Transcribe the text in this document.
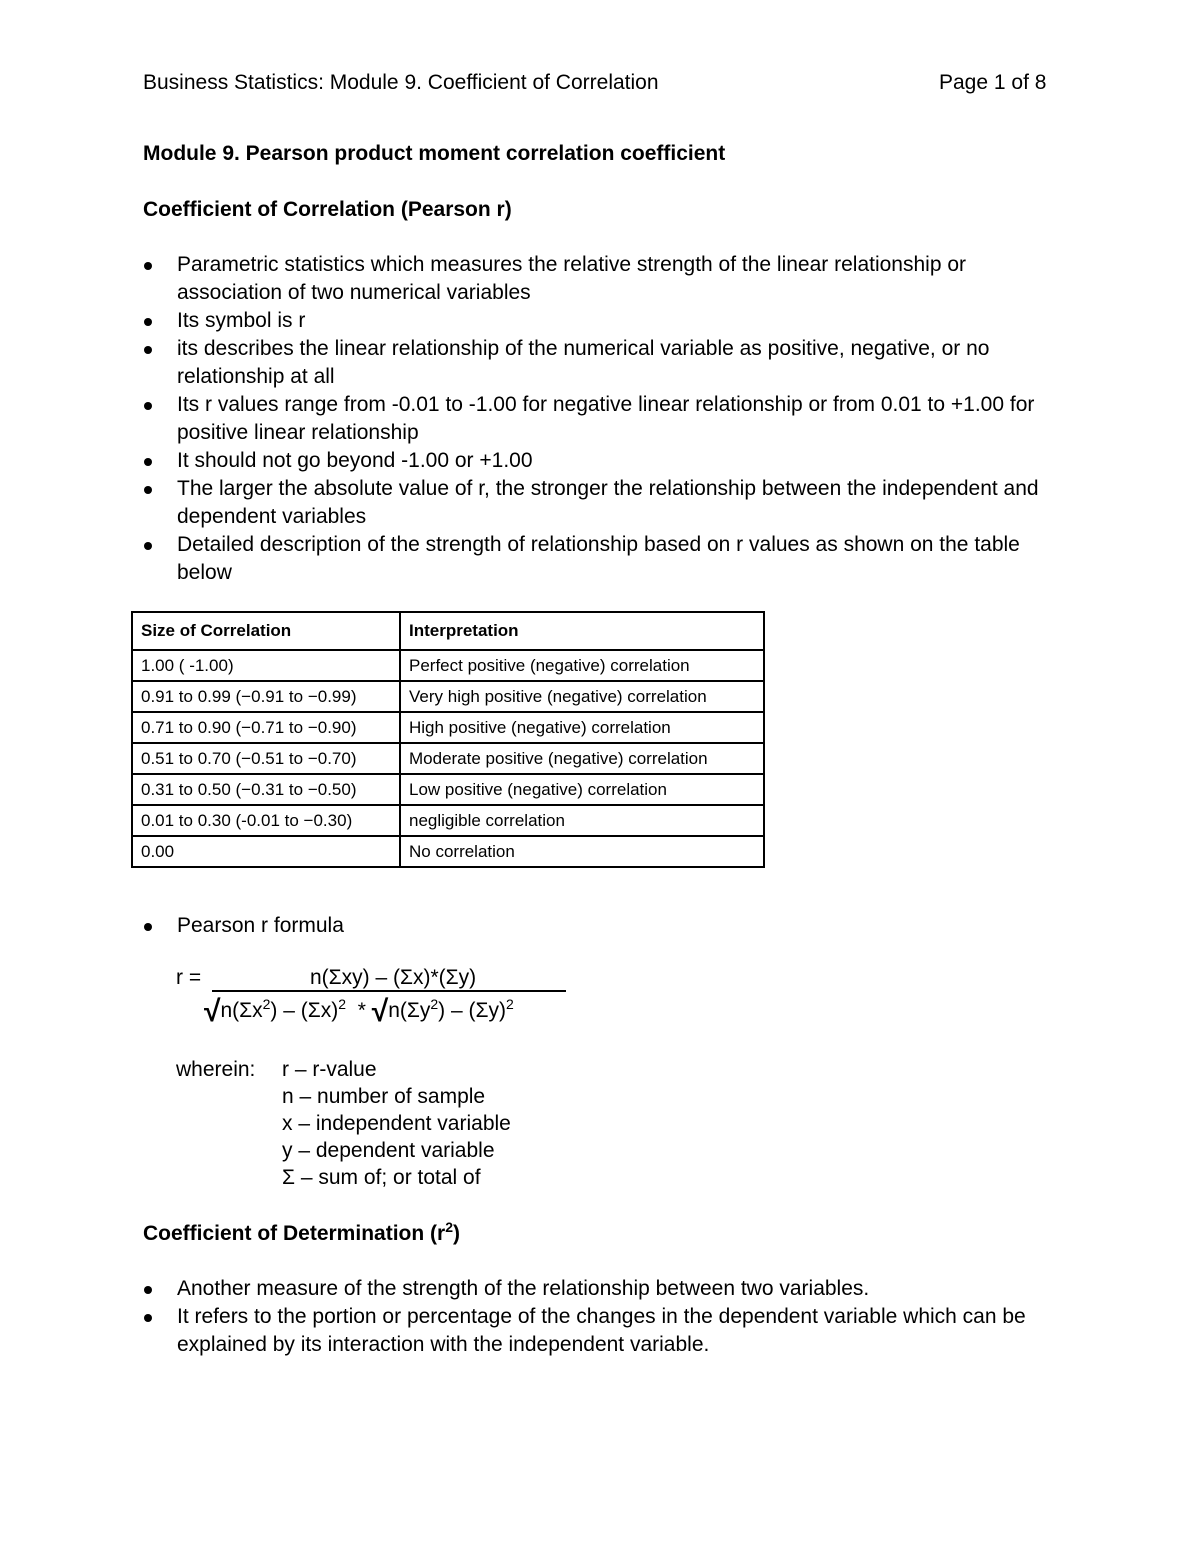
Business Statistics: Module 9. Coefficient of Correlation	Page 1 of 8
Module 9. Pearson product moment correlation coefficient
Coefficient of Correlation (Pearson r)
Parametric statistics which measures the relative strength of the linear relationship or association of two numerical variables
Its symbol is r
its describes the linear relationship of the numerical variable as positive, negative, or no relationship at all
Its r values range from -0.01 to -1.00 for negative linear relationship or from 0.01 to +1.00 for positive linear relationship
It should not go beyond -1.00 or +1.00
The larger the absolute value of r, the stronger the relationship between the independent and dependent variables
Detailed description of the strength of relationship based on r values as shown on the table below
Size of Correlation	Interpretation
1.00 ( -1.00)	Perfect positive (negative) correlation
0.91 to 0.99 (−0.91 to −0.99)	Very high positive (negative) correlation
0.71 to 0.90 (−0.71 to −0.90)	High positive (negative) correlation
0.51 to 0.70 (−0.51 to −0.70)	Moderate positive (negative) correlation
0.31 to 0.50 (−0.31 to −0.50)	Low positive (negative) correlation
0.01 to 0.30 (-0.01 to −0.30)	negligible correlation
0.00	No correlation
Pearson r formula
r =	n(Σxy) – (Σx)*(Σy)
$√n(\Sigma x^2) - (\Sigma x)^2 * √n(\Sigma y^2) - (\Sigma y)^2$
wherein: r – r-value
n – number of sample
x – independent variable
y – dependent variable
Σ – sum of; or total of
Coefficient of Determination $(r^2)$
Another measure of the strength of the relationship between two variables.
It refers to the portion or percentage of the changes in the dependent variable which can be explained by its interaction with the independent variable.
